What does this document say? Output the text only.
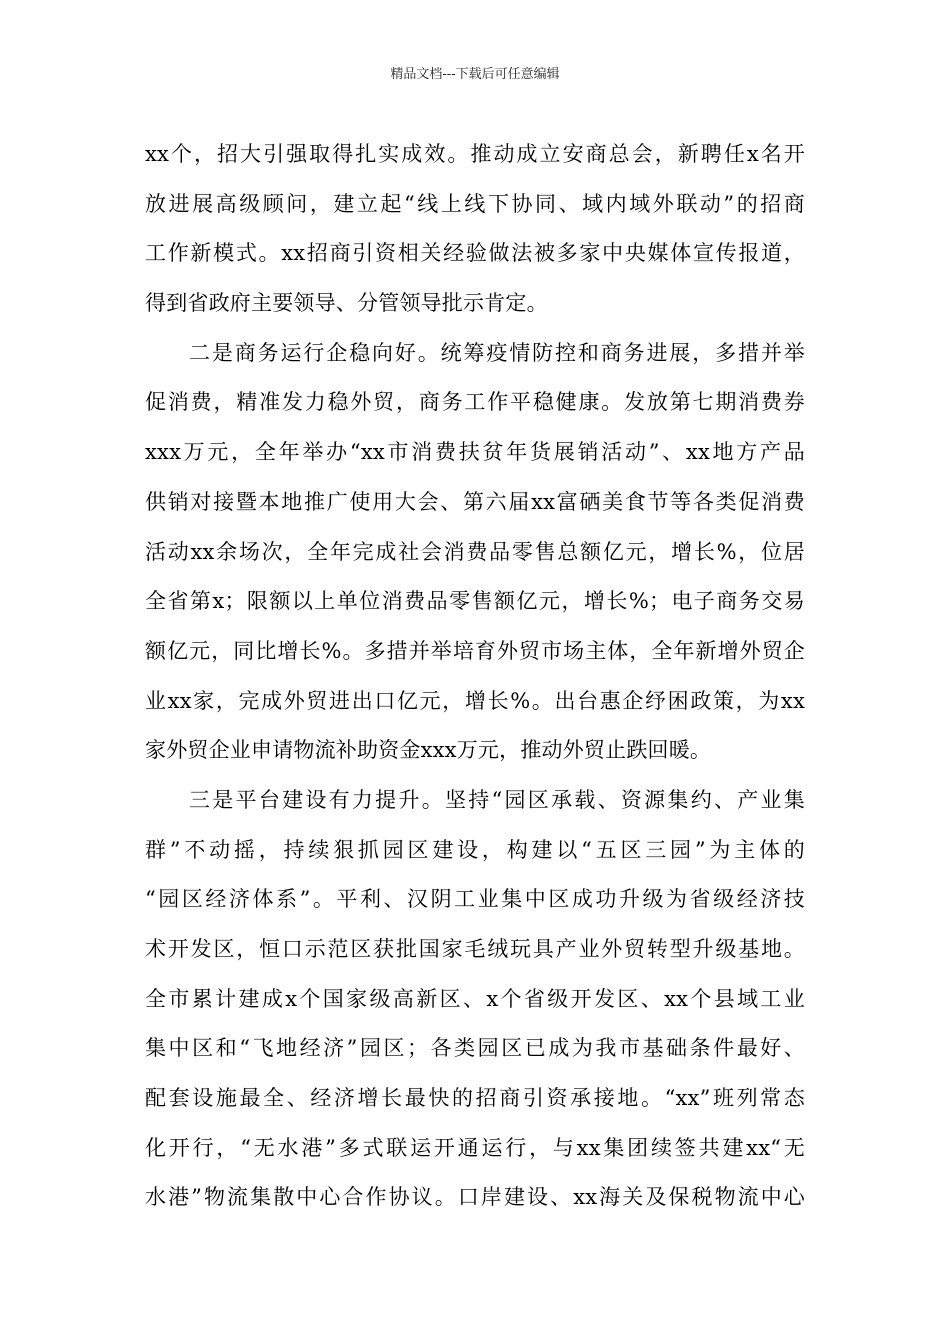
精品文档---下载后可任意编辑
xx个，招大引强取得扎实成效。推动成立安商总会，新聘任x名开
放进展高级顾问，建立起“线上线下协同、域内域外联动”的招商
工作新模式。xx招商引资相关经验做法被多家中央媒体宣传报道，
得到省政府主要领导、分管领导批示肯定。
二是商务运行企稳向好。统筹疫情防控和商务进展，多措并举
促消费，精准发力稳外贸，商务工作平稳健康。发放第七期消费券
xxx万元，全年举办“xx市消费扶贫年货展销活动”、xx地方产品
供销对接暨本地推广使用大会、第六届xx富硒美食节等各类促消费
活动xx余场次，全年完成社会消费品零售总额亿元，增长%，位居
全省第x；限额以上单位消费品零售额亿元，增长%；电子商务交易
额亿元，同比增长%。多措并举培育外贸市场主体，全年新增外贸企
业xx家，完成外贸进出口亿元，增长%。出台惠企纾困政策，为xx
家外贸企业申请物流补助资金xxx万元，推动外贸止跌回暖。
三是平台建设有力提升。坚持“园区承载、资源集约、产业集
群”不动摇，持续狠抓园区建设，构建以“五区三园”为主体的
“园区经济体系”。平利、汉阴工业集中区成功升级为省级经济技
术开发区，恒口示范区获批国家毛绒玩具产业外贸转型升级基地。
全市累计建成x个国家级高新区、x个省级开发区、xx个县域工业
集中区和“飞地经济”园区；各类园区已成为我市基础条件最好、
配套设施最全、经济增长最快的招商引资承接地。“xx”班列常态
化开行，“无水港”多式联运开通运行，与xx集团续签共建xx“无
水港”物流集散中心合作协议。口岸建设、xx海关及保税物流中心
